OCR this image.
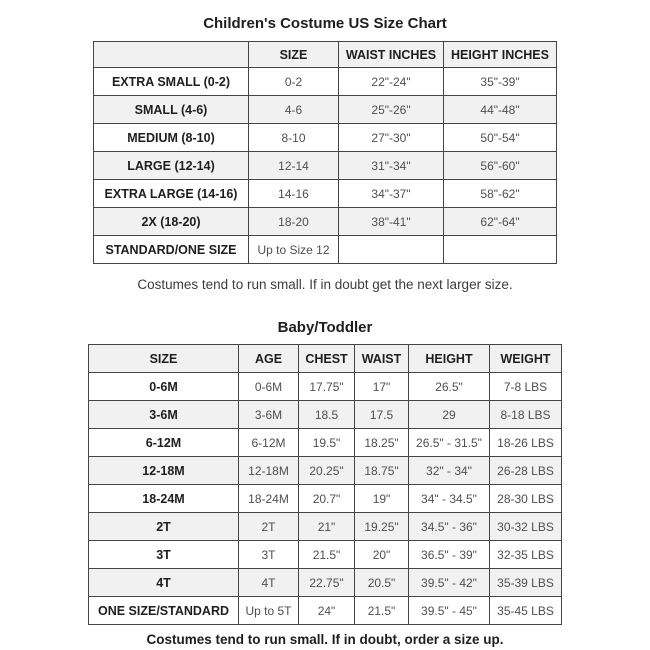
Children's Costume US Size Chart
	SIZE	WAIST INCHES	HEIGHT INCHES
EXTRA SMALL (0-2)	0-2	22"-24"	35"-39"
SMALL (4-6)	4-6	25"-26"	44"-48"
MEDIUM (8-10)	8-10	27"-30"	50"-54"
LARGE (12-14)	12-14	31"-34"	56"-60"
EXTRA LARGE (14-16)	14-16	34"-37"	58"-62"
2X (18-20)	18-20	38"-41"	62"-64"
STANDARD/ONE SIZE	Up to Size 12		
Costumes tend to run small. If in doubt get the next larger size.
Baby/Toddler
SIZE	AGE	CHEST	WAIST	HEIGHT	WEIGHT
0-6M	0-6M	17.75"	17"	26.5"	7-8 LBS
3-6M	3-6M	18.5	17.5	29	8-18 LBS
6-12M	6-12M	19.5"	18.25"	26.5" - 31.5"	18-26 LBS
12-18M	12-18M	20.25"	18.75"	32" - 34"	26-28 LBS
18-24M	18-24M	20.7"	19"	34" - 34.5"	28-30 LBS
2T	2T	21"	19.25"	34.5" - 36"	30-32 LBS
3T	3T	21.5"	20"	36.5" - 39"	32-35 LBS
4T	4T	22.75"	20.5"	39.5" - 42"	35-39 LBS
ONE SIZE/STANDARD	Up to 5T	24"	21.5"	39.5" - 45"	35-45 LBS
Costumes tend to run small. If in doubt, order a size up.
